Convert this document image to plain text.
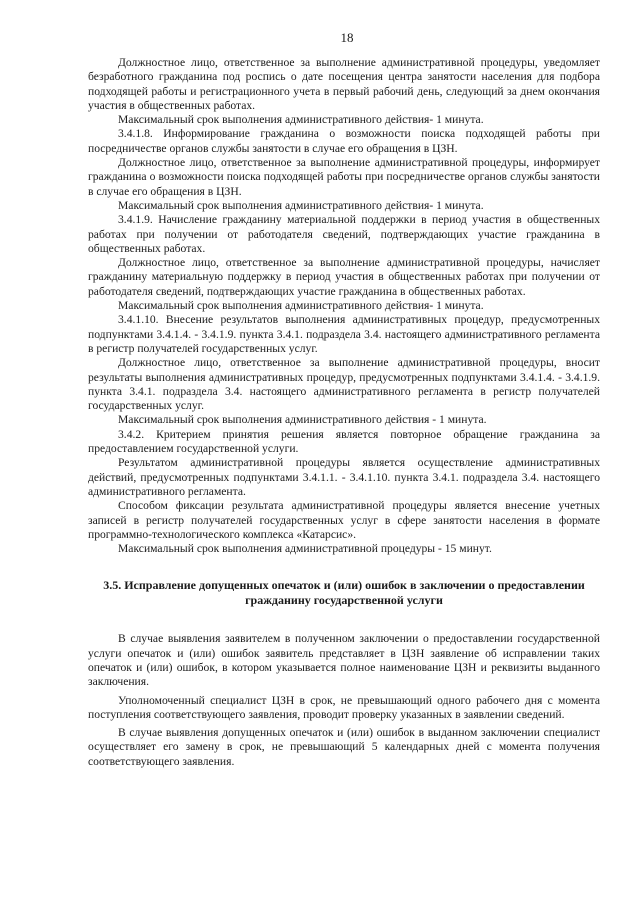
18

Должностное лицо, ответственное за выполнение административной процедуры, уведомляет безработного гражданина под роспись о дате посещения центра занятости населения для подбора подходящей работы и регистрационного учета в первый рабочий день, следующий за днем окончания участия в общественных работах.

Максимальный срок выполнения административного действия- 1 минута.

3.4.1.8. Информирование гражданина о возможности поиска подходящей работы при посредничестве органов службы занятости в случае его обращения в ЦЗН.

Должностное лицо, ответственное за выполнение административной процедуры, информирует гражданина о возможности поиска подходящей работы при посредничестве органов службы занятости в случае его обращения в ЦЗН.

Максимальный срок выполнения административного действия- 1 минута.

3.4.1.9. Начисление гражданину материальной поддержки в период участия в общественных работах при получении от работодателя сведений, подтверждающих участие гражданина в общественных работах.

Должностное лицо, ответственное за выполнение административной процедуры, начисляет гражданину материальную поддержку в период участия в общественных работах при получении от работодателя сведений, подтверждающих участие гражданина в общественных работах.

Максимальный срок выполнения административного действия- 1 минута.

3.4.1.10. Внесение результатов выполнения административных процедур, предусмотренных подпунктами 3.4.1.4. - 3.4.1.9. пункта 3.4.1. подраздела 3.4. настоящего административного регламента в регистр получателей государственных услуг.

Должностное лицо, ответственное за выполнение административной процедуры, вносит результаты выполнения административных процедур, предусмотренных подпунктами 3.4.1.4. - 3.4.1.9. пункта 3.4.1. подраздела 3.4. настоящего административного регламента в регистр получателей государственных услуг.

Максимальный срок выполнения административного действия - 1 минута.

3.4.2. Критерием принятия решения является повторное обращение гражданина за предоставлением государственной услуги.

Результатом административной процедуры является осуществление административных действий, предусмотренных подпунктами 3.4.1.1. - 3.4.1.10. пункта 3.4.1. подраздела 3.4. настоящего административного регламента.

Способом фиксации результата административной процедуры является внесение учетных записей в регистр получателей государственных услуг в сфере занятости населения в формате программно-технологического комплекса «Катарсис».

Максимальный срок выполнения административной процедуры - 15 минут.

3.5. Исправление допущенных опечаток и (или) ошибок в заключении о предоставлении гражданину государственной услуги

В случае выявления заявителем в полученном заключении о предоставлении государственной услуги опечаток и (или) ошибок заявитель представляет в ЦЗН заявление об исправлении таких опечаток и (или) ошибок, в котором указывается полное наименование ЦЗН и реквизиты выданного заключения.

Уполномоченный специалист ЦЗН в срок, не превышающий одного рабочего дня с момента поступления соответствующего заявления, проводит проверку указанных в заявлении сведений.

В случае выявления допущенных опечаток и (или) ошибок в выданном заключении специалист осуществляет его замену в срок, не превышающий 5 календарных дней с момента получения соответствующего заявления.
